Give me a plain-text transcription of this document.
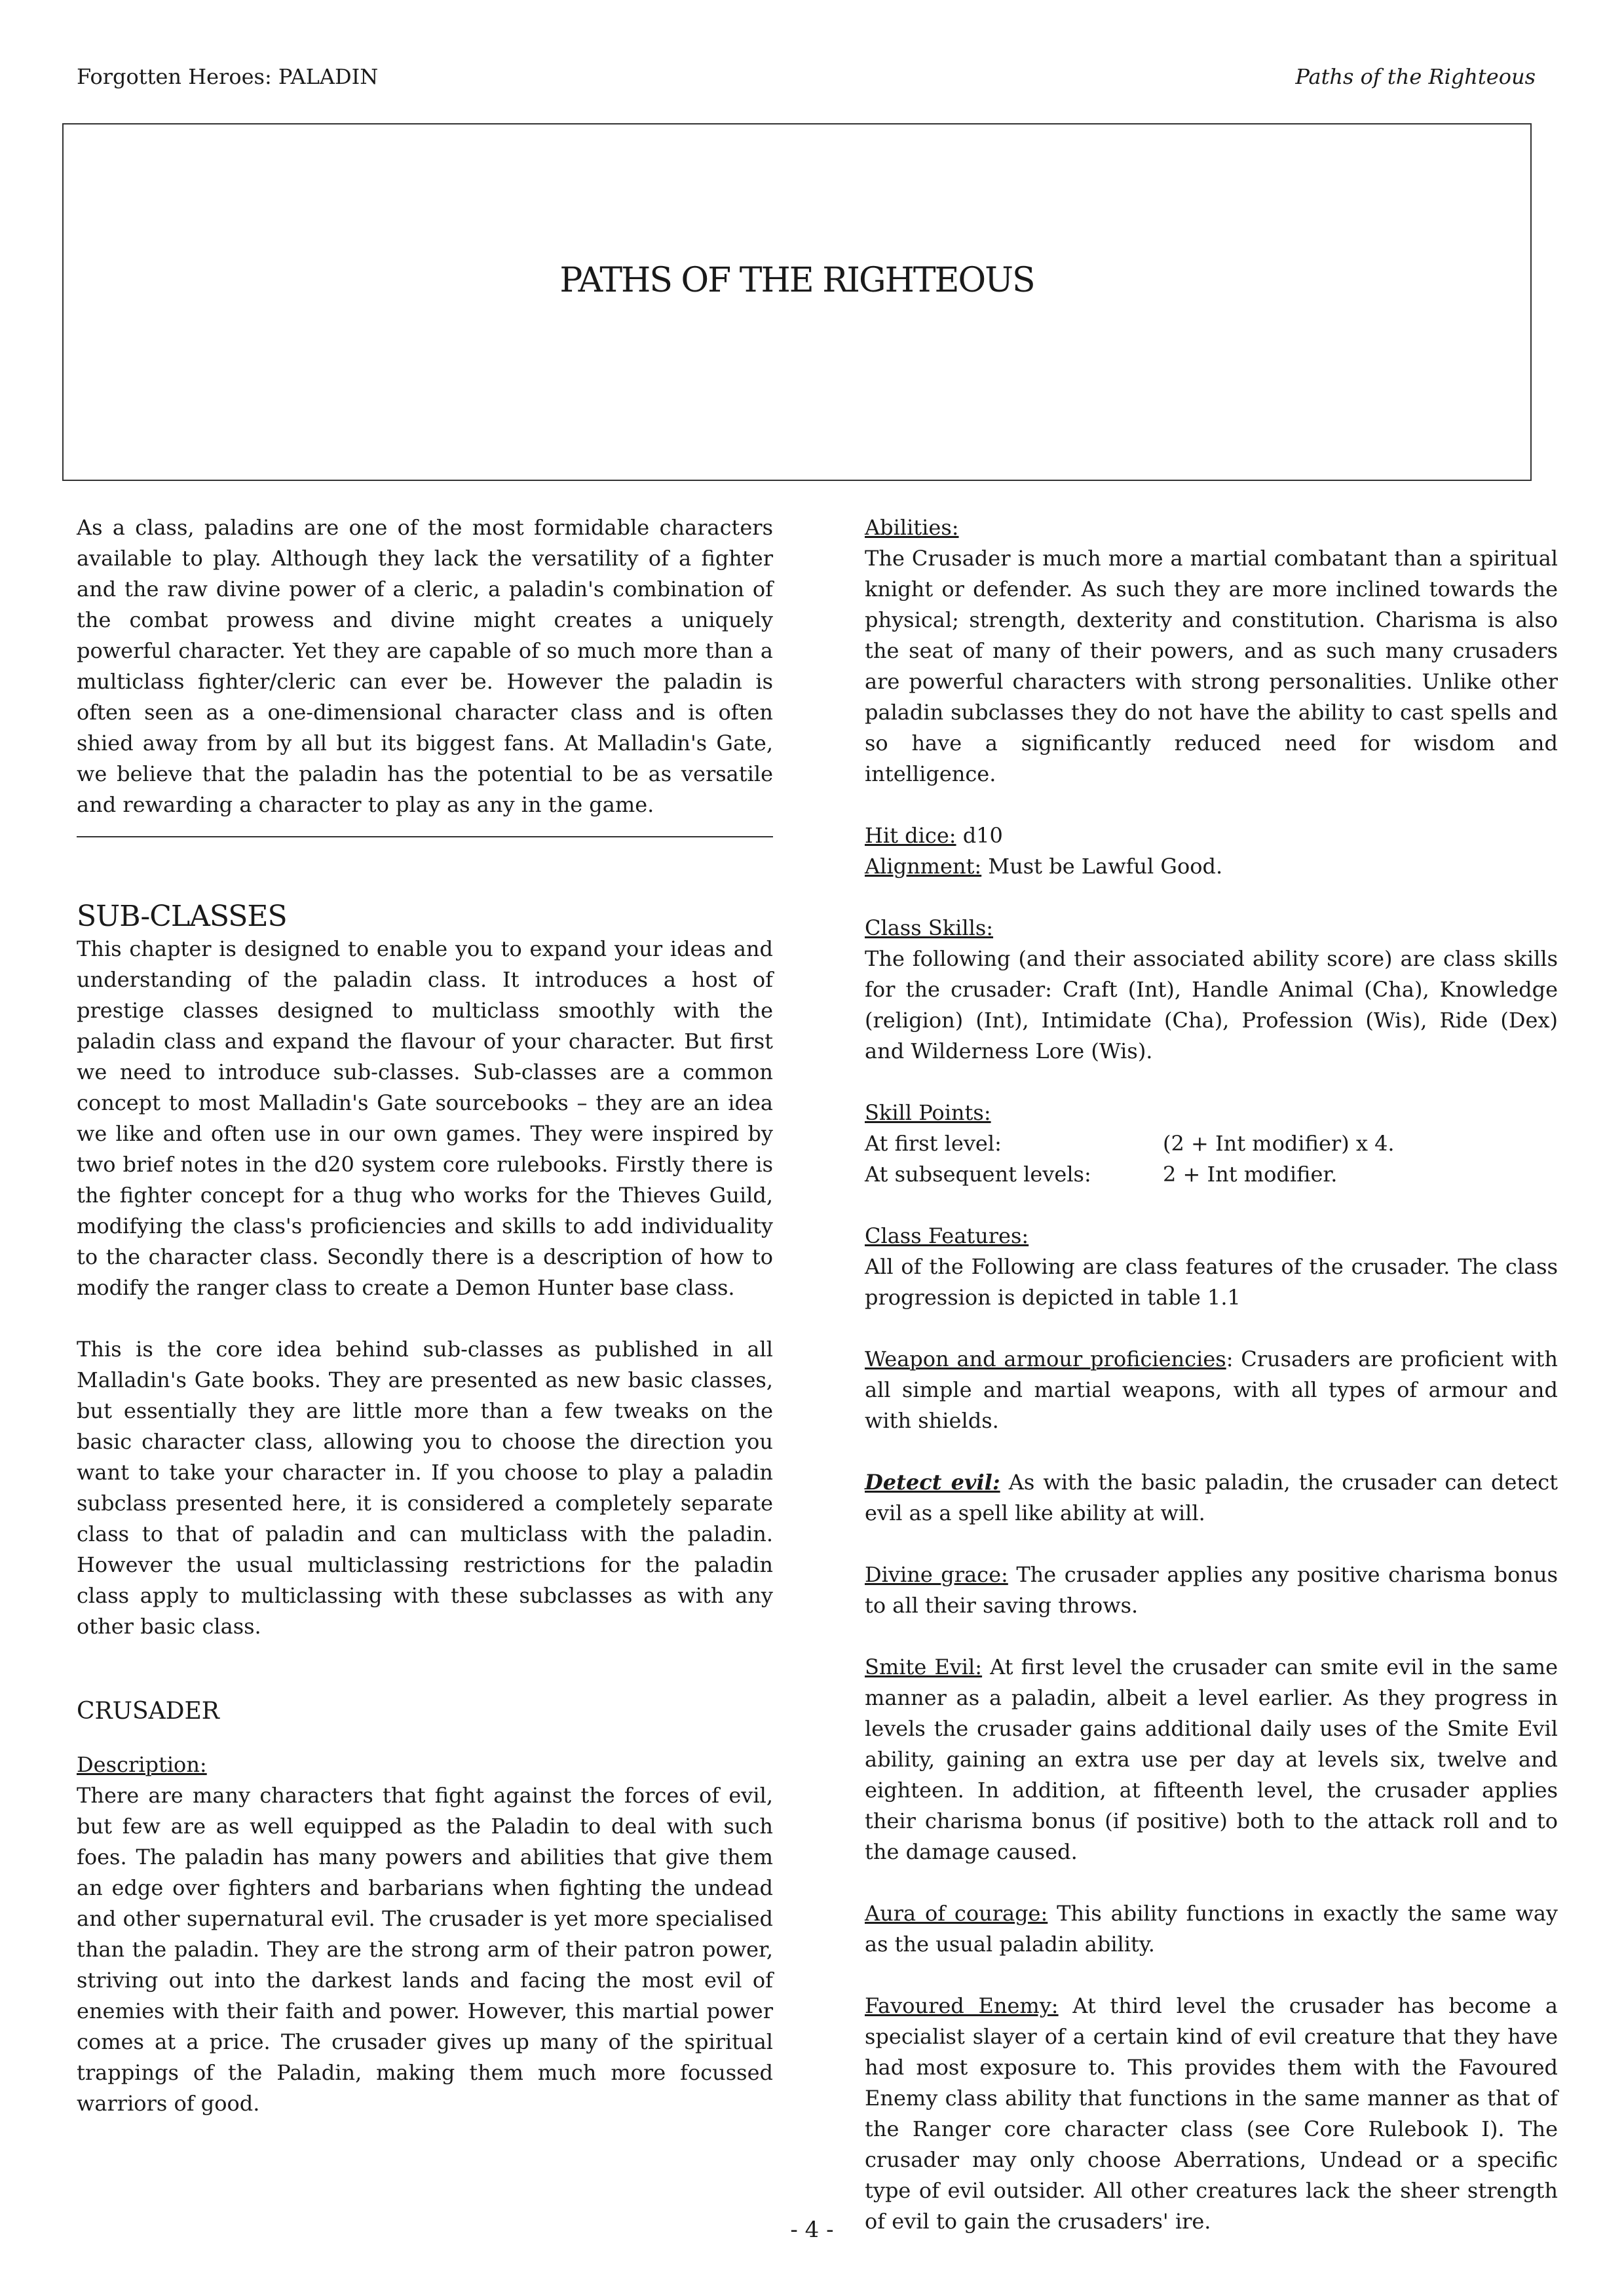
Forgotten Heroes: PALADIN	Paths of the Righteous
PATHS OF THE RIGHTEOUS

As a class, paladins are one of the most formidable characters available to play. Although they lack the versatility of a fighter and the raw divine power of a cleric, a paladin's combination of the combat prowess and divine might creates a uniquely powerful character. Yet they are capable of so much more than a multiclass fighter/cleric can ever be. However the paladin is often seen as a one-dimensional character class and is often shied away from by all but its biggest fans. At Malladin's Gate, we believe that the paladin has the potential to be as versatile and rewarding a character to play as any in the game.

SUB-CLASSES

This chapter is designed to enable you to expand your ideas and understanding of the paladin class. It introduces a host of prestige classes designed to multiclass smoothly with the paladin class and expand the flavour of your character. But first we need to introduce sub-classes. Sub-classes are a common concept to most Malladin's Gate sourcebooks – they are an idea we like and often use in our own games. They were inspired by two brief notes in the d20 system core rulebooks. Firstly there is the fighter concept for a thug who works for the Thieves Guild, modifying the class's proficiencies and skills to add individuality to the character class. Secondly there is a description of how to modify the ranger class to create a Demon Hunter base class.

This is the core idea behind sub-classes as published in all Malladin's Gate books. They are presented as new basic classes, but essentially they are little more than a few tweaks on the basic character class, allowing you to choose the direction you want to take your character in. If you choose to play a paladin subclass presented here, it is considered a completely separate class to that of paladin and can multiclass with the paladin. However the usual multiclassing restrictions for the paladin class apply to multiclassing with these subclasses as with any other basic class.

CRUSADER

Description:

There are many characters that fight against the forces of evil, but few are as well equipped as the Paladin to deal with such foes. The paladin has many powers and abilities that give them an edge over fighters and barbarians when fighting the undead and other supernatural evil. The crusader is yet more specialised than the paladin. They are the strong arm of their patron power, striving out into the darkest lands and facing the most evil of enemies with their faith and power. However, this martial power comes at a price. The crusader gives up many of the spiritual trappings of the Paladin, making them much more focussed warriors of good.

Abilities:

The Crusader is much more a martial combatant than a spiritual knight or defender. As such they are more inclined towards the physical; strength, dexterity and constitution. Charisma is also the seat of many of their powers, and as such many crusaders are powerful characters with strong personalities. Unlike other paladin subclasses they do not have the ability to cast spells and so have a significantly reduced need for wisdom and intelligence.

Hit dice: d10

Alignment: Must be Lawful Good.

Class Skills:

The following (and their associated ability score) are class skills for the crusader: Craft (Int), Handle Animal (Cha), Knowledge (religion) (Int), Intimidate (Cha), Profession (Wis), Ride (Dex) and Wilderness Lore (Wis).

Skill Points:

At first level:	(2 + Int modifier) x 4.
At subsequent levels:	2 + Int modifier.

Class Features:

All of the Following are class features of the crusader. The class progression is depicted in table 1.1

Weapon and armour proficiencies: Crusaders are proficient with all simple and martial weapons, with all types of armour and with shields.

Detect evil: As with the basic paladin, the crusader can detect evil as a spell like ability at will.

Divine grace: The crusader applies any positive charisma bonus to all their saving throws.

Smite Evil: At first level the crusader can smite evil in the same manner as a paladin, albeit a level earlier. As they progress in levels the crusader gains additional daily uses of the Smite Evil ability, gaining an extra use per day at levels six, twelve and eighteen. In addition, at fifteenth level, the crusader applies their charisma bonus (if positive) both to the attack roll and to the damage caused.

Aura of courage: This ability functions in exactly the same way as the usual paladin ability.

Favoured Enemy: At third level the crusader has become a specialist slayer of a certain kind of evil creature that they have had most exposure to. This provides them with the Favoured Enemy class ability that functions in the same manner as that of the Ranger core character class (see Core Rulebook I). The crusader may only choose Aberrations, Undead or a specific type of evil outsider. All other creatures lack the sheer strength of evil to gain the crusaders' ire.

- 4 -
